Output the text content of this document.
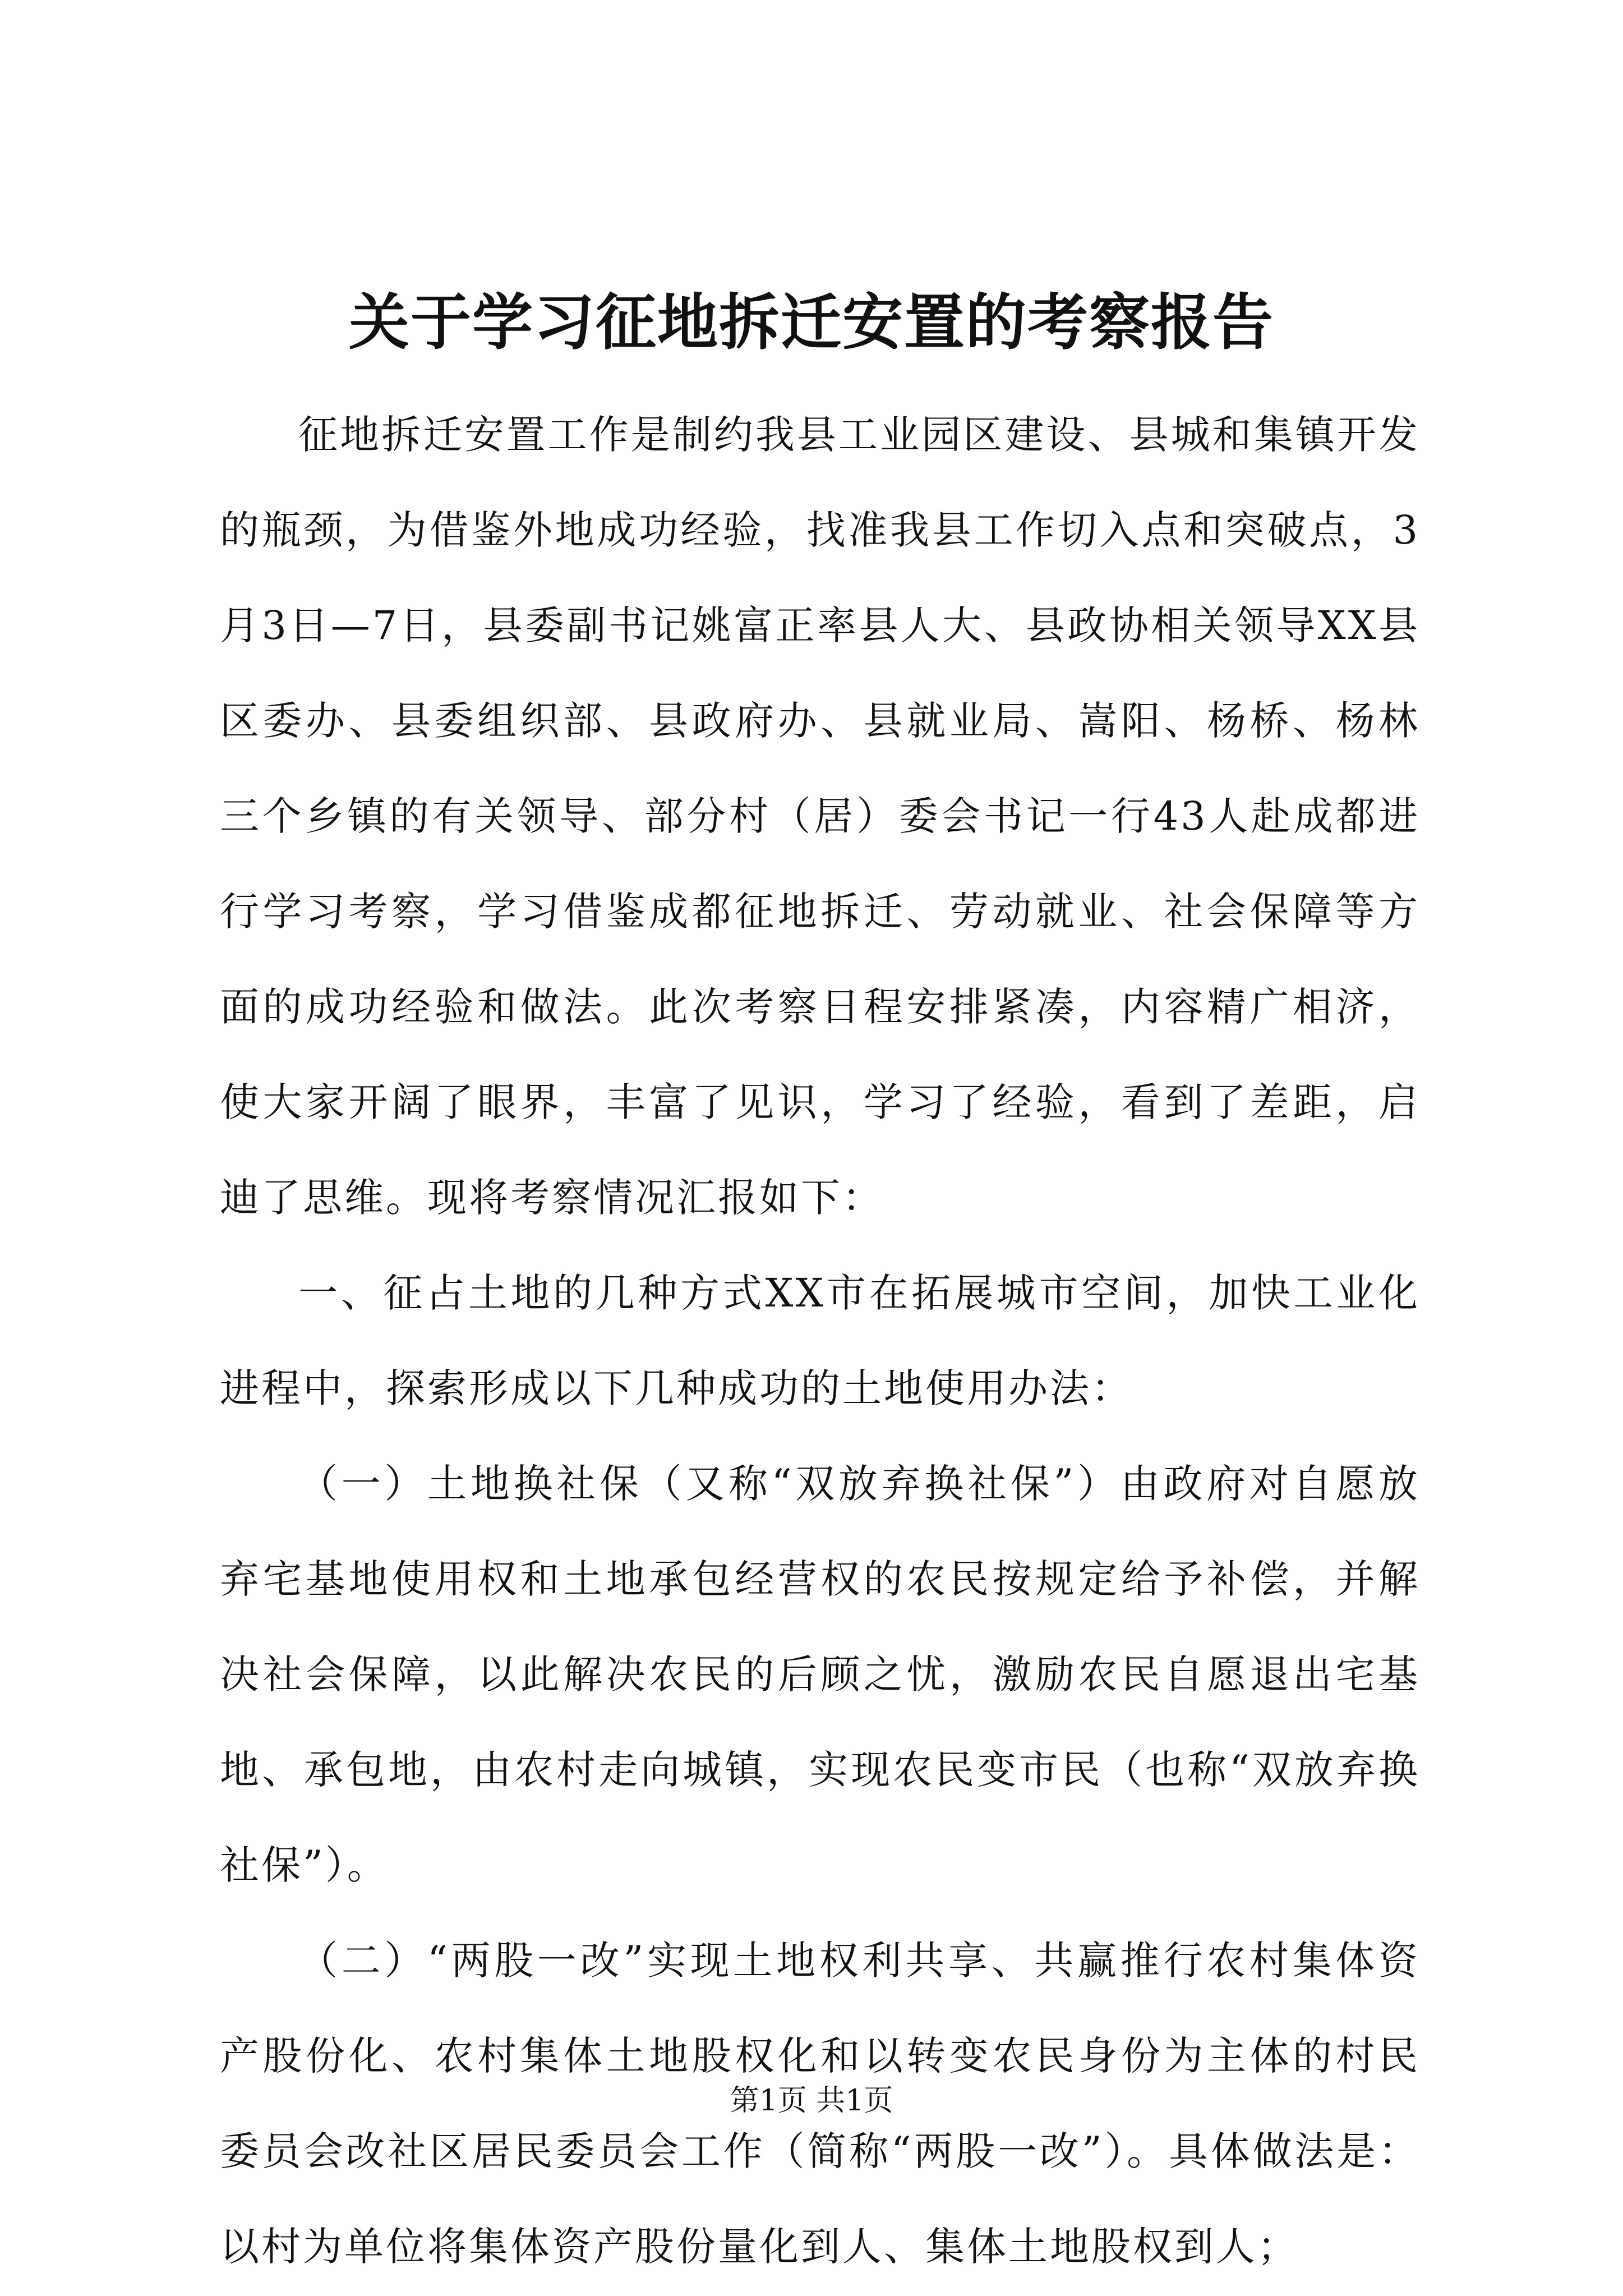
关于学习征地拆迁安置的考察报告

征地拆迁安置工作是制约我县工业园区建设、县城和集镇开发的瓶颈，为借鉴外地成功经验，找准我县工作切入点和突破点，3月3日—7日，县委副书记姚富正率县人大、县政协相关领导XX县区委办、县委组织部、县政府办、县就业局、嵩阳、杨桥、杨林三个乡镇的有关领导、部分村（居）委会书记一行43人赴成都进行学习考察，学习借鉴成都征地拆迁、劳动就业、社会保障等方面的成功经验和做法。此次考察日程安排紧凑，内容精广相济，使大家开阔了眼界，丰富了见识，学习了经验，看到了差距，启迪了思维。现将考察情况汇报如下：

一、征占土地的几种方式XX市在拓展城市空间，加快工业化进程中，探索形成以下几种成功的土地使用办法：

（一）土地换社保（又称“双放弃换社保”）由政府对自愿放弃宅基地使用权和土地承包经营权的农民按规定给予补偿，并解决社会保障，以此解决农民的后顾之忧，激励农民自愿退出宅基地、承包地，由农村走向城镇，实现农民变市民（也称“双放弃换社保”）。

（二）“两股一改”实现土地权利共享、共赢推行农村集体资产股份化、农村集体土地股权化和以转变农民身份为主体的村民委员会改社区居民委员会工作（简称“两股一改”）。具体做法是：以村为单位将集体资产股份量化到人、集体土地股权到人；

第1页 共1页
